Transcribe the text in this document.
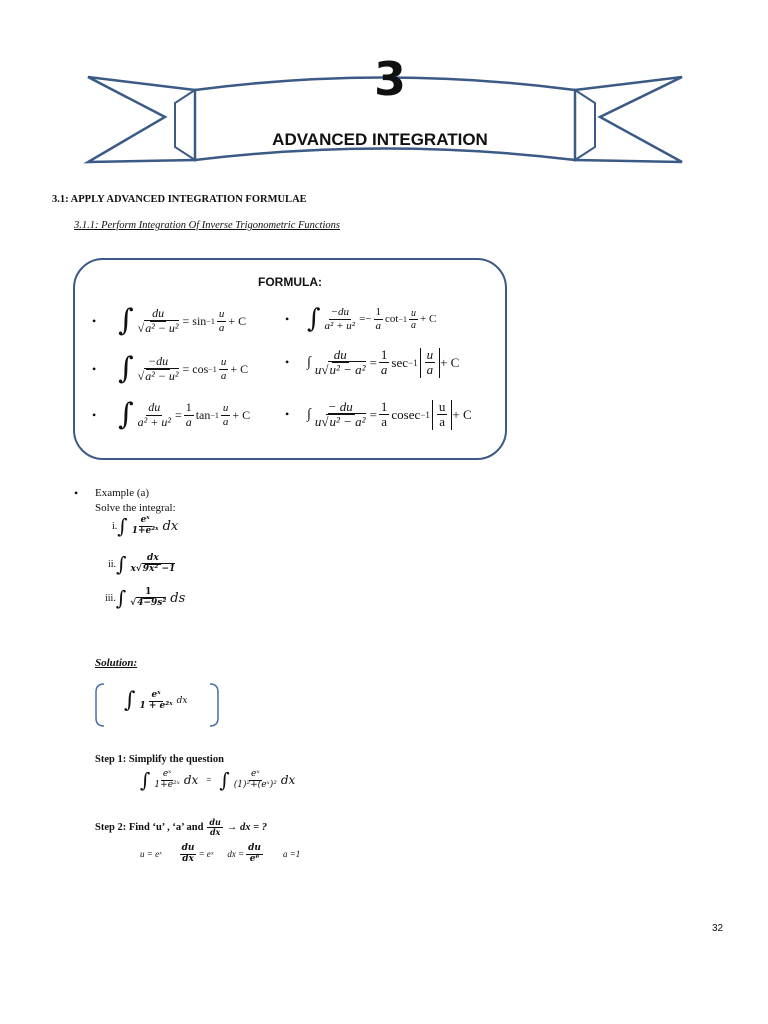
3
ADVANCED INTEGRATION
3.1: APPLY ADVANCED INTEGRATION FORMULAE
3.1.1: Perform Integration Of Inverse Trigonometric Functions
FORMULA:
• ∫ $\frac{du}{\text{√a² − u²}} = \sin -1 \frac{u}{a} + C$
• ∫ $\frac{-du}{\text{√a² − u²}} = \cos -1 \frac{u}{a} + C$
• ∫ $\frac{du}{\text{a² + u²}} = \frac{1}{a}$ $\tan -1 \frac{u}{a} + C$
• ∫ $\frac{-du}{\text{a² + u²}}$ = − $\frac{1}{a}$ $\cot -1 \frac{u}{a} + C$
•	∫ $\frac{du}{\text{u√u² − a²}} = \frac{1}{a}$ $\sec -1 \frac{u}{a} + C$
•	∫ $\frac{- du}{\text{u√u² − a²}} = \frac{1}{a}$ $cosec -1 \frac{u}{a} + C$
• Example (a)
Solve the integral:
i. ∫ $\frac{\text{eˣ}}{\text{1+e²ˣ}}$ dx
ii. ∫ $\frac{dx}{\text{x√9x² −1}}$
iii. ∫ $\frac{1}{\text{√4−9s²}}$ ds
Solution:
∫ $\frac{\text{eˣ}}{\text{1 + e²ˣ}}$ dx
Step 1: Simplify the question
∫ $\frac{\text{eˣ}}{\text{1+e²ˣ}}$ dx = ∫ $\frac{\text{eˣ}}{\text{(1)²+(eˣ)²}}$ dx
Step 2: Find ‘u’ , ‘a’ and $\frac{du}{dx}$ → dx = ?
u = eˣ $\frac{du}{dx}$ = eˣ dx = $\frac{du}{\text{eᵉ}}$ a =1
32
